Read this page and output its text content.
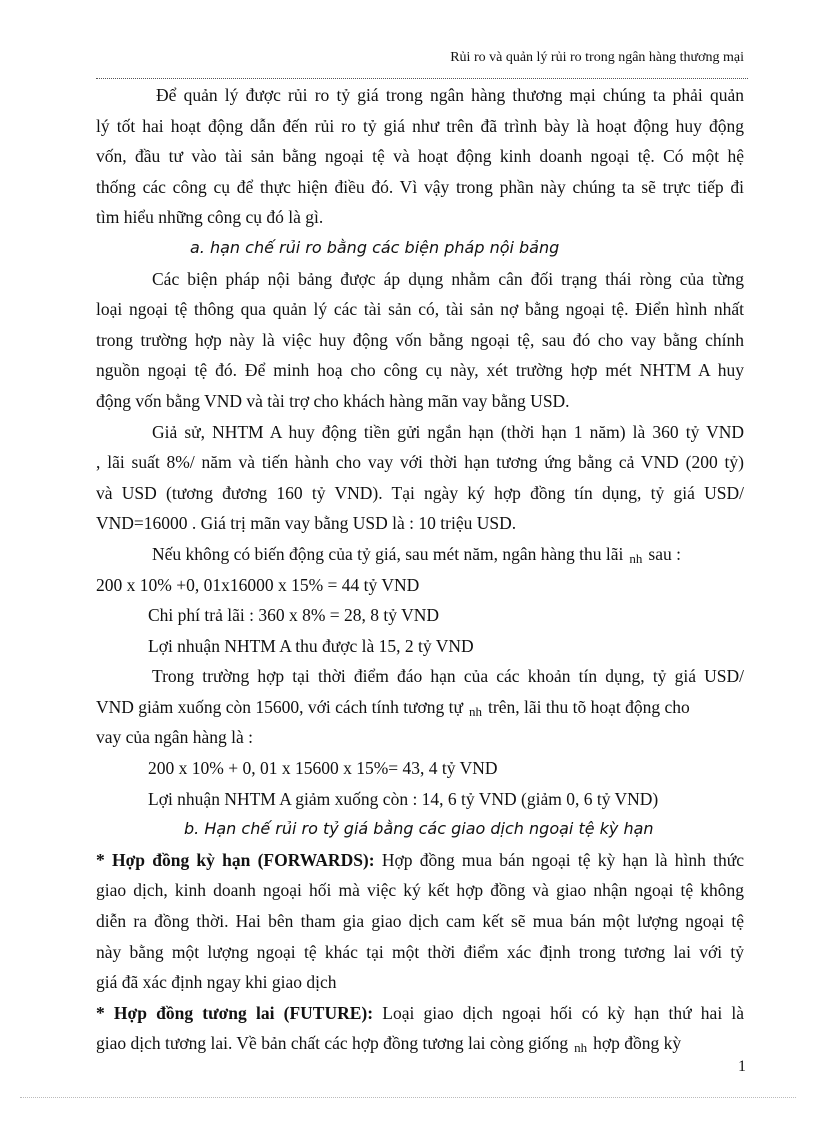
Rủi ro và quản lý rủi ro trong ngân hàng thương mại
Để quản lý được rủi ro tỷ giá trong ngân hàng thương mại chúng ta phải quản
lý tốt hai hoạt động dẫn đến rủi ro tỷ giá như trên đã trình bày là hoạt động huy động
vốn, đầu tư vào tài sản bằng ngoại tệ và hoạt động kinh doanh ngoại tệ. Có một hệ
thống các công cụ để thực hiện điều đó. Vì vậy trong phần này chúng ta sẽ trực tiếp đi
tìm hiểu những công cụ đó là gì.
a. hạn chế rủi ro bằng các biện pháp nội bảng
Các biện pháp nội bảng được áp dụng nhằm cân đối trạng thái ròng của từng
loại ngoại tệ thông qua quản lý các tài sản có, tài sản nợ bằng ngoại tệ. Điển hình nhất
trong trường hợp này là việc huy động vốn bằng ngoại tệ, sau đó cho vay bằng chính
nguồn ngoại tệ đó. Để minh hoạ cho công cụ này, xét trường hợp mét NHTM A huy
động vốn bằng VND và tài trợ cho khách hàng mãn vay bằng USD.
Giả sử, NHTM A huy động tiền gửi ngắn hạn (thời hạn 1 năm) là 360 tỷ VND
, lãi suất 8%/ năm và tiến hành cho vay với thời hạn tương ứng bằng cả VND (200 tỷ)
và USD (tương đương 160 tỷ VND). Tại ngày ký hợp đồng tín dụng, tỷ giá USD/
VND=16000 . Giá trị mãn vay bằng USD là : 10 triệu USD.
Nếu không có biến động của tỷ giá, sau mét năm, ngân hàng thu lãi nh sau :
200 x 10% +0, 01x16000 x 15% = 44 tỷ VND
Chi phí trả lãi : 360 x 8% = 28, 8 tỷ VND
Lợi nhuận NHTM A thu được là 15, 2 tỷ VND
Trong trường hợp tại thời điểm đáo hạn của các khoản tín dụng, tỷ giá USD/
VND giảm xuống còn 15600, với cách tính tương tự nh trên, lãi thu tõ hoạt động cho
vay của ngân hàng là :
200 x 10% + 0, 01 x 15600 x 15%= 43, 4 tỷ VND
Lợi nhuận NHTM A giảm xuống còn : 14, 6 tỷ VND (giảm 0, 6 tỷ VND)
b. Hạn chế rủi ro tỷ giá bằng các giao dịch ngoại tệ kỳ hạn
* Hợp đồng kỳ hạn (FORWARDS): Hợp đồng mua bán ngoại tệ kỳ hạn là hình thức
giao dịch, kinh doanh ngoại hối mà việc ký kết hợp đồng và giao nhận ngoại tệ không
diễn ra đồng thời. Hai bên tham gia giao dịch cam kết sẽ mua bán một lượng ngoại tệ
này bằng một lượng ngoại tệ khác tại một thời điểm xác định trong tương lai với tỷ
giá đã xác định ngay khi giao dịch
* Hợp đồng tương lai (FUTURE): Loại giao dịch ngoại hối có kỳ hạn thứ hai là
giao dịch tương lai. Về bản chất các hợp đồng tương lai còng giống nh hợp đồng kỳ
1
